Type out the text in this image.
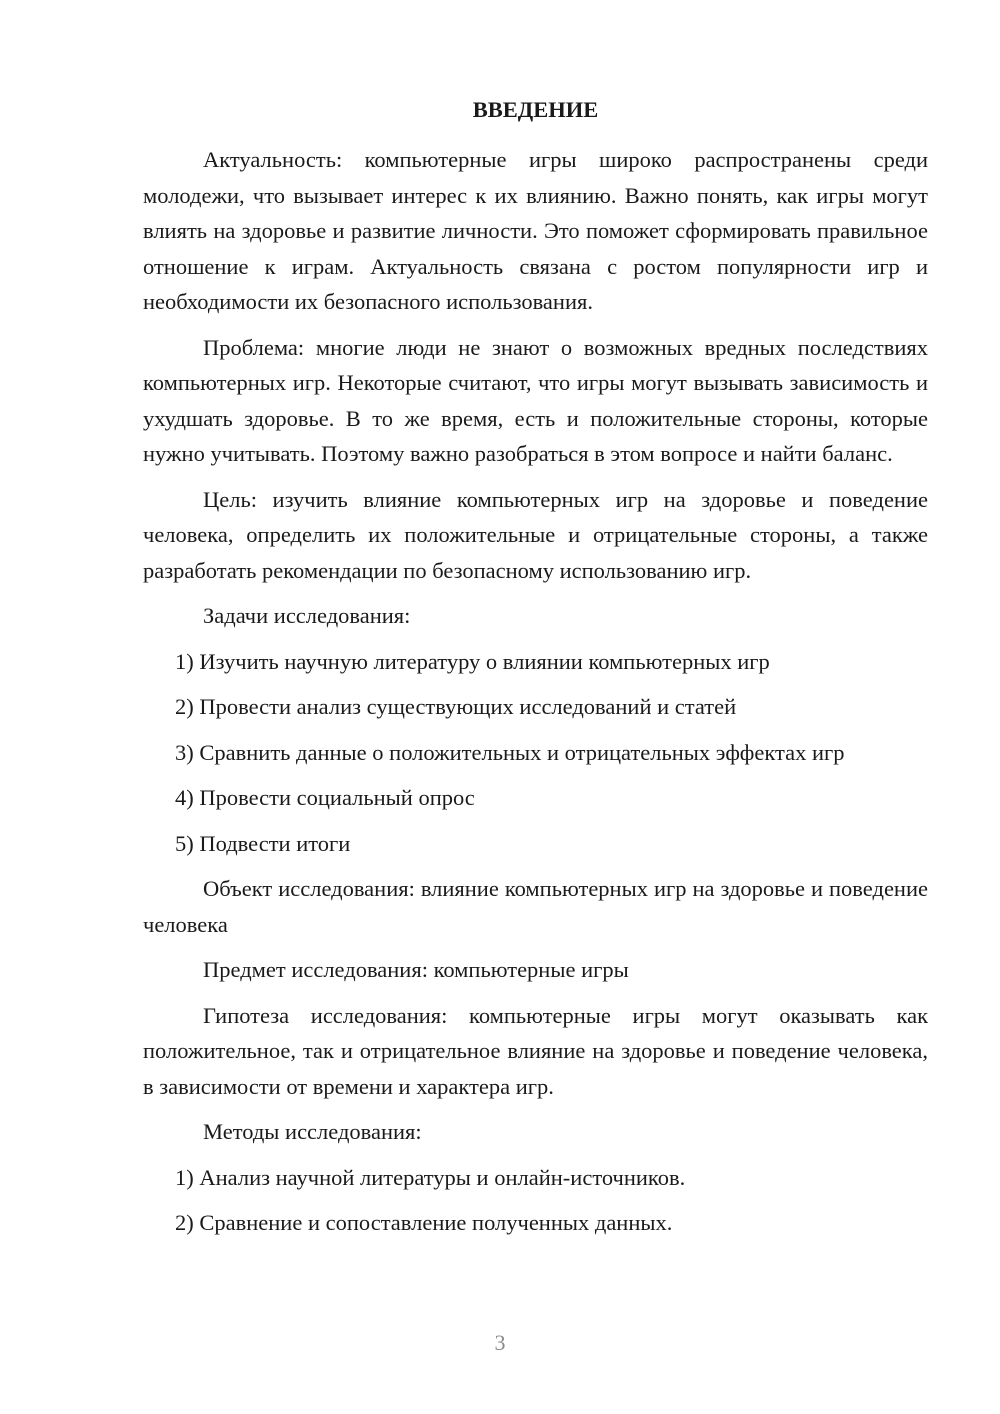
ВВЕДЕНИЕ

Актуальность: компьютерные игры широко распространены среди молодежи, что вызывает интерес к их влиянию. Важно понять, как игры могут влиять на здоровье и развитие личности. Это поможет сформировать правильное отношение к играм. Актуальность связана с ростом популярности игр и необходимости их безопасного использования.

Проблема: многие люди не знают о возможных вредных последствиях компьютерных игр. Некоторые считают, что игры могут вызывать зависимость и ухудшать здоровье. В то же время, есть и положительные стороны, которые нужно учитывать. Поэтому важно разобраться в этом вопросе и найти баланс.

Цель: изучить влияние компьютерных игр на здоровье и поведение человека, определить их положительные и отрицательные стороны, а также разработать рекомендации по безопасному использованию игр.

Задачи исследования:

1) Изучить научную литературу о влиянии компьютерных игр

2) Провести анализ существующих исследований и статей

3) Сравнить данные о положительных и отрицательных эффектах игр

4) Провести социальный опрос

5) Подвести итоги

Объект исследования: влияние компьютерных игр на здоровье и поведение человека

Предмет исследования: компьютерные игры

Гипотеза исследования: компьютерные игры могут оказывать как положительное, так и отрицательное влияние на здоровье и поведение человека, в зависимости от времени и характера игр.

Методы исследования:

1) Анализ научной литературы и онлайн-источников.

2) Сравнение и сопоставление полученных данных.

3
